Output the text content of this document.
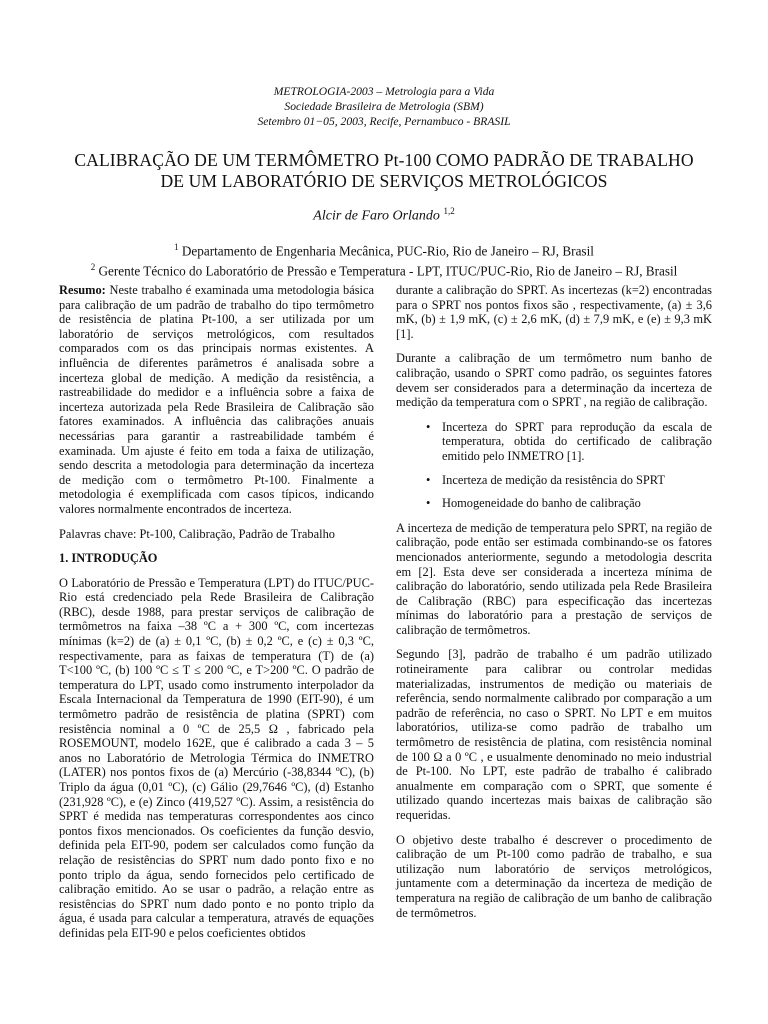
METROLOGIA-2003 – Metrologia para a Vida

Sociedade Brasileira de Metrologia (SBM)

Setembro 01−05, 2003, Recife, Pernambuco - BRASIL

CALIBRAÇÃO DE UM TERMÔMETRO Pt-100 COMO PADRÃO DE TRABALHO

DE UM LABORATÓRIO DE SERVIÇOS METROLÓGICOS

Alcir de Faro Orlando $^{1,2}$

$^1$ Departamento de Engenharia Mecânica, PUC-Rio, Rio de Janeiro – RJ, Brasil

$^2$ Gerente Técnico do Laboratório de Pressão e Temperatura - LPT, ITUC/PUC-Rio, Rio de Janeiro – RJ, Brasil

Resumo: Neste trabalho é examinada uma metodologia básica para calibração de um padrão de trabalho do tipo termômetro de resistência de platina Pt-100, a ser utilizada por um laboratório de serviços metrológicos, com resultados comparados com os das principais normas existentes. A influência de diferentes parâmetros é analisada sobre a incerteza global de medição. A medição da resistência, a rastreabilidade do medidor e a influência sobre a faixa de incerteza autorizada pela Rede Brasileira de Calibração são fatores examinados. A influência das calibrações anuais necessárias para garantir a rastreabilidade também é examinada. Um ajuste é feito em toda a faixa de utilização, sendo descrita a metodologia para determinação da incerteza de medição com o termômetro Pt-100. Finalmente a metodologia é exemplificada com casos típicos, indicando valores normalmente encontrados de incerteza.

Palavras chave: Pt-100, Calibração, Padrão de Trabalho

1. INTRODUÇÃO

O Laboratório de Pressão e Temperatura (LPT) do ITUC/PUC-Rio está credenciado pela Rede Brasileira de Calibração (RBC), desde 1988, para prestar serviços de calibração de termômetros na faixa –38 ºC a + 300 ºC, com incertezas mínimas (k=2) de (a) ± 0,1 ºC, (b) ± 0,2 ºC, e (c) ± 0,3 ºC, respectivamente, para as faixas de temperatura (T) de (a) T<100 ºC, (b) 100 ºC ≤ T ≤ 200 ºC, e T>200 ºC. O padrão de temperatura do LPT, usado como instrumento interpolador da Escala Internacional da Temperatura de 1990 (EIT-90), é um termômetro padrão de resistência de platina (SPRT) com resistência nominal a 0 ºC de 25,5 Ω , fabricado pela ROSEMOUNT, modelo 162E, que é calibrado a cada 3 – 5 anos no Laboratório de Metrologia Térmica do INMETRO (LATER) nos pontos fixos de (a) Mercúrio (-38,8344 ºC), (b) Triplo da água (0,01 ºC), (c) Gálio (29,7646 ºC), (d) Estanho (231,928 ºC), e (e) Zinco (419,527 ºC). Assim, a resistência do SPRT é medida nas temperaturas correspondentes aos cinco pontos fixos mencionados. Os coeficientes da função desvio, definida pela EIT-90, podem ser calculados como função da relação de resistências do SPRT num dado ponto fixo e no ponto triplo da água, sendo fornecidos pelo certificado de calibração emitido. Ao se usar o padrão, a relação entre as resistências do SPRT num dado ponto e no ponto triplo da água, é usada para calcular a temperatura, através de equações definidas pela EIT-90 e pelos coeficientes obtidos

durante a calibração do SPRT. As incertezas (k=2) encontradas para o SPRT nos pontos fixos são , respectivamente, (a) ± 3,6 mK, (b) ± 1,9 mK, (c) ± 2,6 mK, (d) ± 7,9 mK, e (e) ± 9,3 mK [1].

Durante a calibração de um termômetro num banho de calibração, usando o SPRT como padrão, os seguintes fatores devem ser considerados para a determinação da incerteza de medição da temperatura com o SPRT , na região de calibração.

• Incerteza do SPRT para reprodução da escala de temperatura, obtida do certificado de calibração emitido pelo INMETRO [1].
• Incerteza de medição da resistência do SPRT
• Homogeneidade do banho de calibração

A incerteza de medição de temperatura pelo SPRT, na região de calibração, pode então ser estimada combinando-se os fatores mencionados anteriormente, segundo a metodologia descrita em [2]. Esta deve ser considerada a incerteza mínima de calibração do laboratório, sendo utilizada pela Rede Brasileira de Calibração (RBC) para especificação das incertezas mínimas do laboratório para a prestação de serviços de calibração de termômetros.

Segundo [3], padrão de trabalho é um padrão utilizado rotineiramente para calibrar ou controlar medidas materializadas, instrumentos de medição ou materiais de referência, sendo normalmente calibrado por comparação a um padrão de referência, no caso o SPRT. No LPT e em muitos laboratórios, utiliza-se como padrão de trabalho um termômetro de resistência de platina, com resistência nominal de 100 Ω a 0 ºC , e usualmente denominado no meio industrial de Pt-100. No LPT, este padrão de trabalho é calibrado anualmente em comparação com o SPRT, que somente é utilizado quando incertezas mais baixas de calibração são requeridas.

O objetivo deste trabalho é descrever o procedimento de calibração de um Pt-100 como padrão de trabalho, e sua utilização num laboratório de serviços metrológicos, juntamente com a determinação da incerteza de medição de temperatura na região de calibração de um banho de calibração de termômetros.
